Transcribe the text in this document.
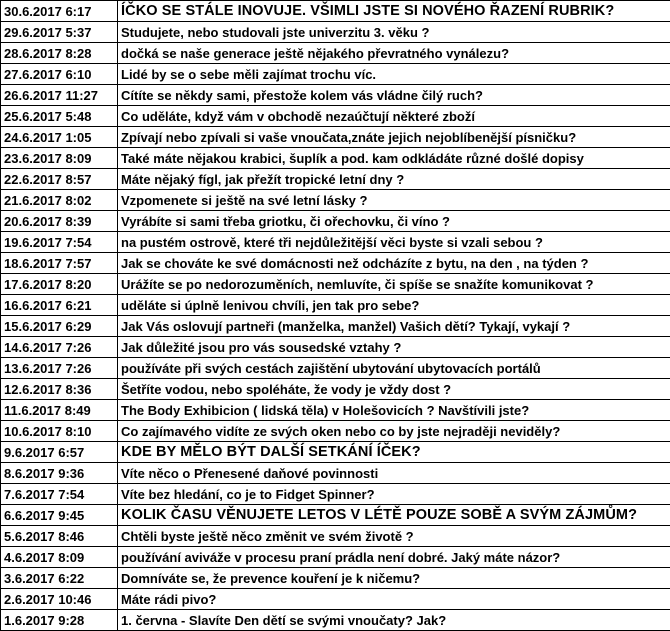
30.6.2017 6:17	ÍČKO SE STÁLE INOVUJE. VŠIMLI JSTE SI NOVÉHO ŘAZENÍ RUBRIK?
29.6.2017 5:37	Studujete, nebo studovali jste univerzitu 3. věku ?
28.6.2017 8:28	dočká se naše generace ještě nějakého převratného vynálezu?
27.6.2017 6:10	Lidé by se o sebe měli zajímat trochu víc.
26.6.2017 11:27	Cítíte se někdy sami, přestože kolem vás vládne čilý ruch?
25.6.2017 5:48	Co uděláte, když vám v obchodě nezaúčtují některé zboží
24.6.2017 1:05	Zpívají nebo zpívali si vaše vnoučata,znáte jejich nejoblíbenější písničku?
23.6.2017 8:09	Také máte nějakou krabici, šuplík a pod. kam odkládáte různé došlé dopisy
22.6.2017 8:57	Máte nějaký fígl, jak přežít tropické letní dny ?
21.6.2017 8:02	Vzpomenete si ještě na své letní lásky ?
20.6.2017 8:39	Vyrábíte si sami třeba griotku, či ořechovku, či víno ?
19.6.2017 7:54	na pustém ostrově, které tři nejdůležitější věci byste si vzali sebou ?
18.6.2017 7:57	Jak se chováte ke své domácnosti než odcházíte z bytu, na den , na týden ?
17.6.2017 8:20	Urážíte se po nedorozuměních, nemluvíte, či spíše se snažíte komunikovat ?
16.6.2017 6:21	uděláte si úplně lenivou chvíli, jen tak pro sebe?
15.6.2017 6:29	Jak Vás oslovují partneři (manželka, manžel) Vašich dětí? Tykají, vykají ?
14.6.2017 7:26	Jak důležité jsou pro vás sousedské vztahy ?
13.6.2017 7:26	používáte při svých cestách zajištění ubytování ubytovacích portálů
12.6.2017 8:36	Šetříte vodou, nebo spoléháte, že vody je vždy dost ?
11.6.2017 8:49	The Body Exhibicion ( lidská těla) v Holešovicích ? Navštívili jste?
10.6.2017 8:10	Co zajímavého vidíte ze svých oken nebo co by jste nejraději neviděly?
9.6.2017 6:57	KDE BY MĚLO BÝT DALŠÍ SETKÁNÍ ÍČEK?
8.6.2017 9:36	Víte něco o Přenesené daňové povinnosti
7.6.2017 7:54	Víte bez hledání, co je to Fidget Spinner?
6.6.2017 9:45	KOLIK ČASU VĚNUJETE LETOS V LÉTĚ POUZE SOBĚ A SVÝM ZÁJMŮM?
5.6.2017 8:46	Chtěli byste ještě něco změnit ve svém životě ?
4.6.2017 8:09	používání aviváže v procesu praní prádla není dobré. Jaký máte názor?
3.6.2017 6:22	Domníváte se, že prevence kouření je k ničemu?
2.6.2017 10:46	Máte rádi pivo?
1.6.2017 9:28	1. června - Slavíte Den dětí se svými vnoučaty? Jak?
